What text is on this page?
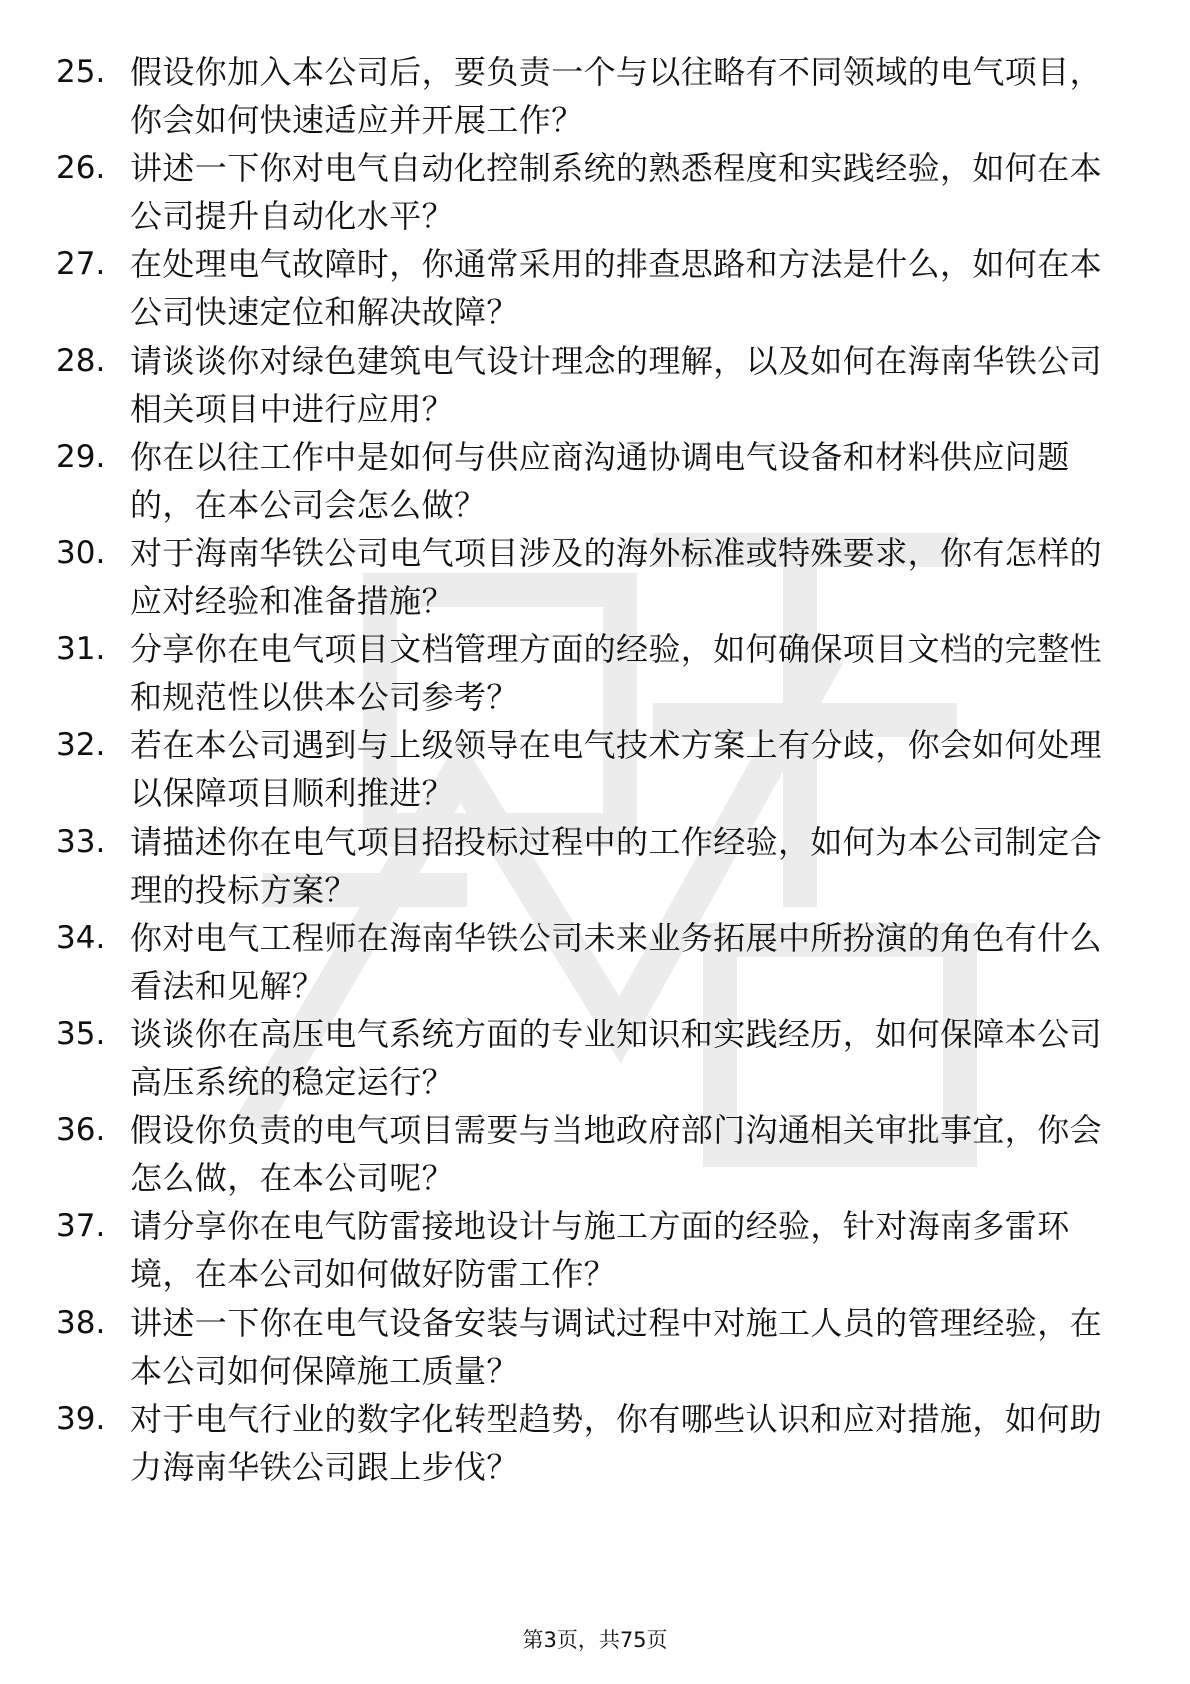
25. 假设你加入本公司后，要负责一个与以往略有不同领域的电气项目，你会如何快速适应并开展工作？
26. 讲述一下你对电气自动化控制系统的熟悉程度和实践经验，如何在本公司提升自动化水平？
27. 在处理电气故障时，你通常采用的排查思路和方法是什么，如何在本公司快速定位和解决故障？
28. 请谈谈你对绿色建筑电气设计理念的理解，以及如何在海南华铁公司相关项目中进行应用？
29. 你在以往工作中是如何与供应商沟通协调电气设备和材料供应问题的，在本公司会怎么做？
30. 对于海南华铁公司电气项目涉及的海外标准或特殊要求，你有怎样的应对经验和准备措施？
31. 分享你在电气项目文档管理方面的经验，如何确保项目文档的完整性和规范性以供本公司参考？
32. 若在本公司遇到与上级领导在电气技术方案上有分歧，你会如何处理以保障项目顺利推进？
33. 请描述你在电气项目招投标过程中的工作经验，如何为本公司制定合理的投标方案？
34. 你对电气工程师在海南华铁公司未来业务拓展中所扮演的角色有什么看法和见解？
35. 谈谈你在高压电气系统方面的专业知识和实践经历，如何保障本公司高压系统的稳定运行？
36. 假设你负责的电气项目需要与当地政府部门沟通相关审批事宜，你会怎么做，在本公司呢？
37. 请分享你在电气防雷接地设计与施工方面的经验，针对海南多雷环境，在本公司如何做好防雷工作？
38. 讲述一下你在电气设备安装与调试过程中对施工人员的管理经验，在本公司如何保障施工质量？
39. 对于电气行业的数字化转型趋势，你有哪些认识和应对措施，如何助力海南华铁公司跟上步伐？
第3页，共75页
